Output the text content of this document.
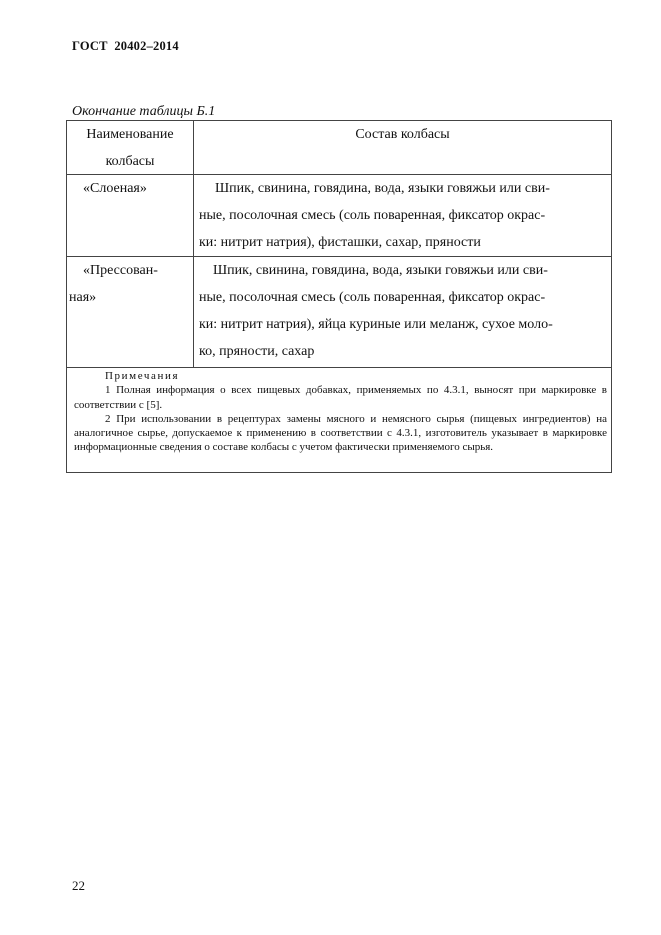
ГОСТ  20402–2014
Окончание таблицы Б.1
Наименование
колбасы
Состав колбасы
«Слоеная»	Шпик, свинина, говядина, вода, языки говяжьи или сви-
ные, посолочная смесь (соль поваренная, фиксатор окрас-
ки: нитрит натрия), фисташки, сахар, пряности
«Прессован-
ная»
Шпик, свинина, говядина, вода, языки говяжьи или сви-
ные, посолочная смесь (соль поваренная, фиксатор окрас-
ки: нитрит натрия), яйца куриные или меланж, сухое моло-
ко, пряности, сахар
Примечания

1 Полная информация о всех пищевых добавках, применяемых по 4.3.1, выносят при маркировке в соответствии с [5].

2 При использовании в рецептурах замены мясного и немясного сырья (пищевых ингредиентов) на аналогичное сырье, допускаемое к применению в соответствии с 4.3.1, изготовитель указывает в маркировке информационные сведения о составе колбасы с учетом фактически применяемого сырья.

22
